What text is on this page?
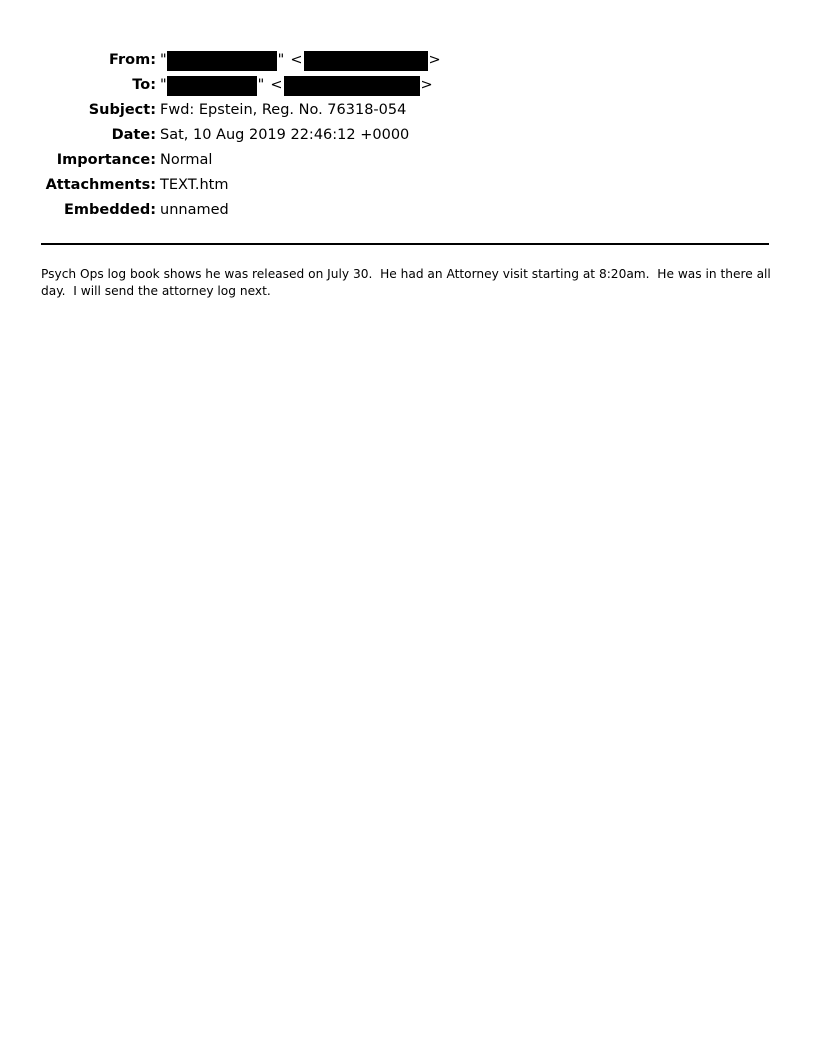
From: "	" <	>
To: "	" <	>
Subject: Fwd: Epstein, Reg. No. 76318-054
Date: Sat, 10 Aug 2019 22:46:12 +0000
Importance: Normal
Attachments: TEXT.htm
Embedded: unnamed
Psych Ops log book shows he was released on July 30.  He had an Attorney visit starting at 8:20am.  He was in there all day.  I will send the attorney log next.
